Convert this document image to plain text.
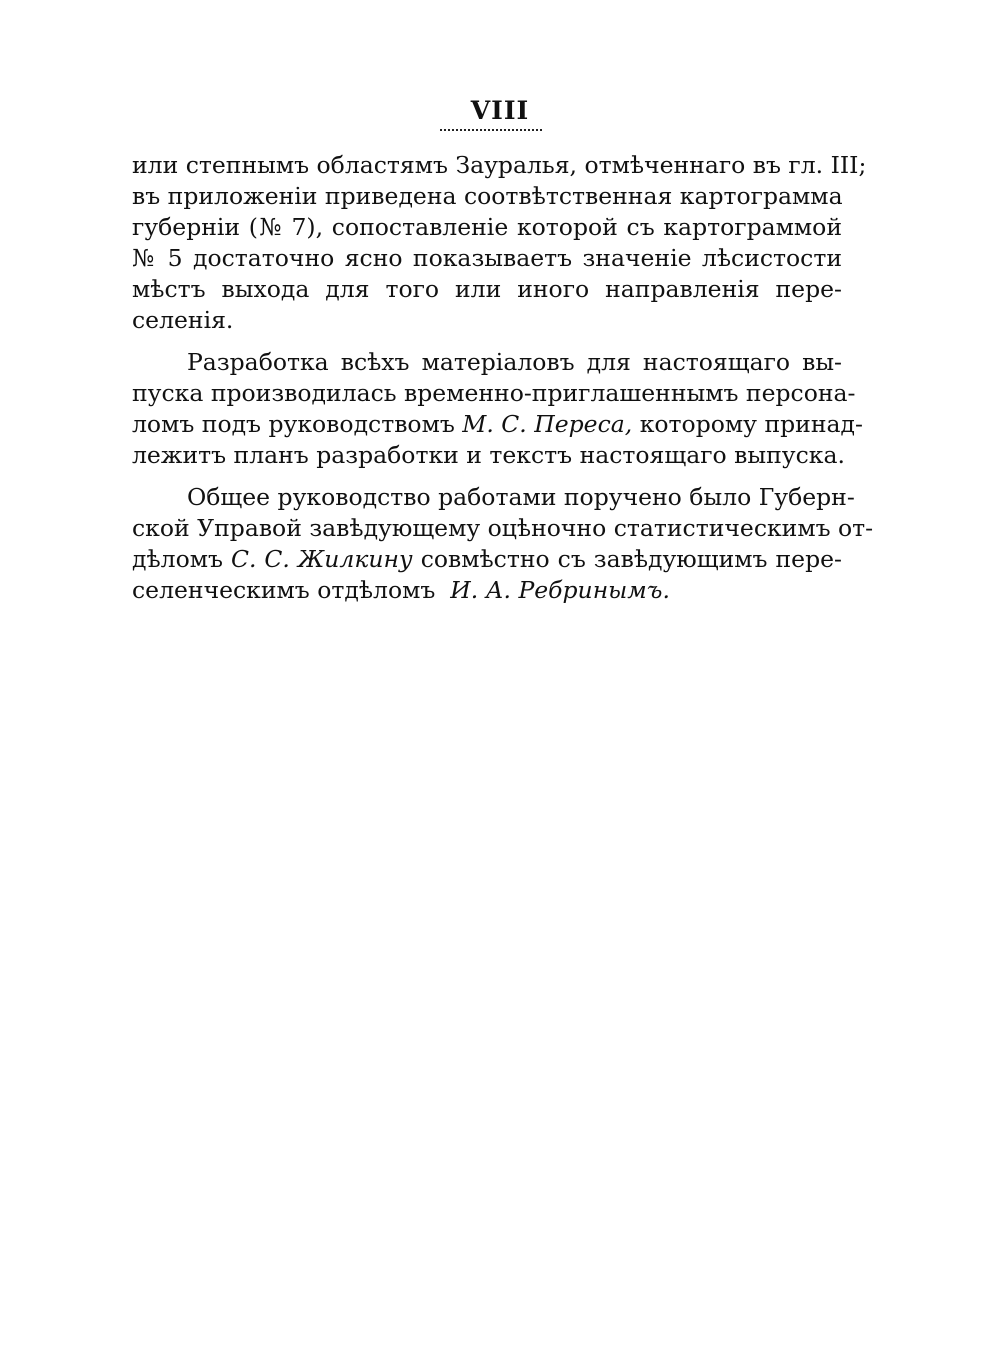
VIII
или степнымъ областямъ Зауралья, отмѣченнаго въ гл. III;
въ приложеніи приведена соотвѣтственная картограмма
губерніи (№ 7), сопоставленіе которой съ картограммой
№ 5 достаточно ясно показываетъ значеніе лѣсистости
мѣстъ выхода для того или иного направленія пере-
селенія.
Разработка всѣхъ матеріаловъ для настоящаго вы-
пуска производилась временно-приглашеннымъ персона-
ломъ подъ руководствомъ М. С. Переса, которому принад-
лежитъ планъ разработки и текстъ настоящаго выпуска.
Общее руководство работами поручено было Губерн-
ской Управой завѣдующему оцѣночно статистическимъ от-
дѣломъ С. С. Жилкину совмѣстно съ завѣдующимъ пере-
селенческимъ отдѣломъ И. А. Ребринымъ.
